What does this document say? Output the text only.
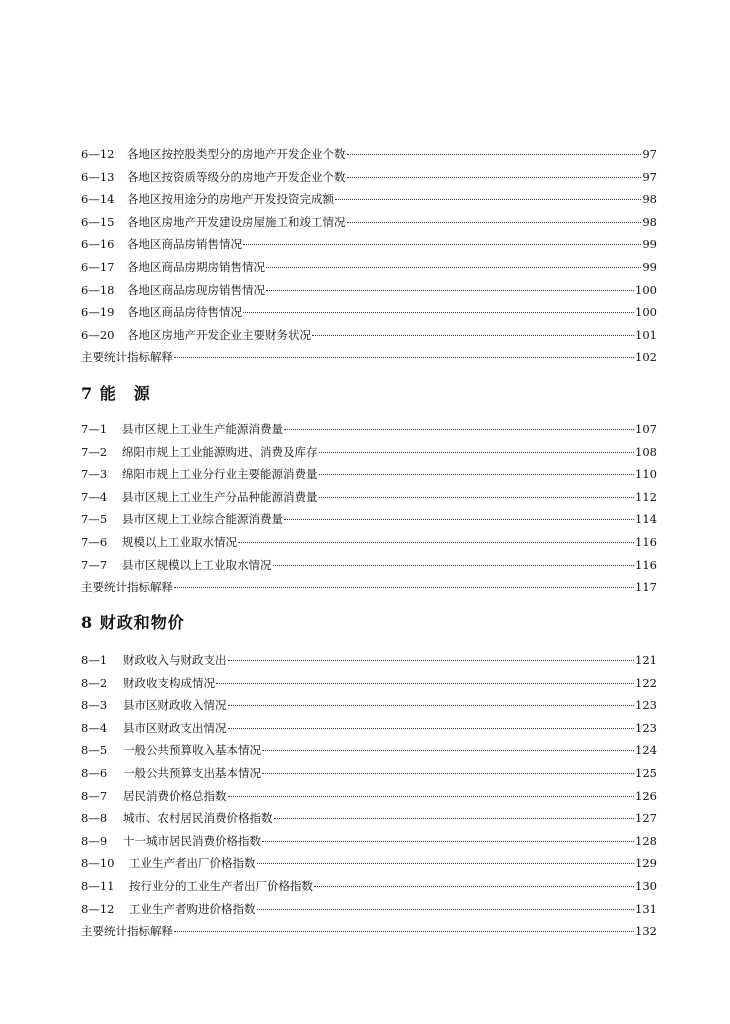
6—12	各地区按控股类型分的房地产开发企业个数	97
6—13	各地区按资质等级分的房地产开发企业个数	97
6—14	各地区按用途分的房地产开发投资完成额	98
6—15	各地区房地产开发建设房屋施工和竣工情况	98
6—16	各地区商品房销售情况	99
6—17	各地区商品房期房销售情况	99
6—18	各地区商品房现房销售情况	100
6—19	各地区商品房待售情况	100
6—20	各地区房地产开发企业主要财务状况	101
主要统计指标解释	102
7 能　源
7—1	县市区规上工业生产能源消费量	107
7—2	绵阳市规上工业能源购进、消费及库存	108
7—3	绵阳市规上工业分行业主要能源消费量	110
7—4	县市区规上工业生产分品种能源消费量	112
7—5	县市区规上工业综合能源消费量	114
7—6	规模以上工业取水情况	116
7—7	县市区规模以上工业取水情况	116
主要统计指标解释	117
8 财政和物价
8—1	财政收入与财政支出	121
8—2	财政收支构成情况	122
8—3	县市区财政收入情况	123
8—4	县市区财政支出情况	123
8—5	一般公共预算收入基本情况	124
8—6	一般公共预算支出基本情况	125
8—7	居民消费价格总指数	126
8—8	城市、农村居民消费价格指数	127
8—9	十一城市居民消费价格指数	128
8—10	工业生产者出厂价格指数	129
8—11	按行业分的工业生产者出厂价格指数	130
8—12	工业生产者购进价格指数	131
主要统计指标解释	132
